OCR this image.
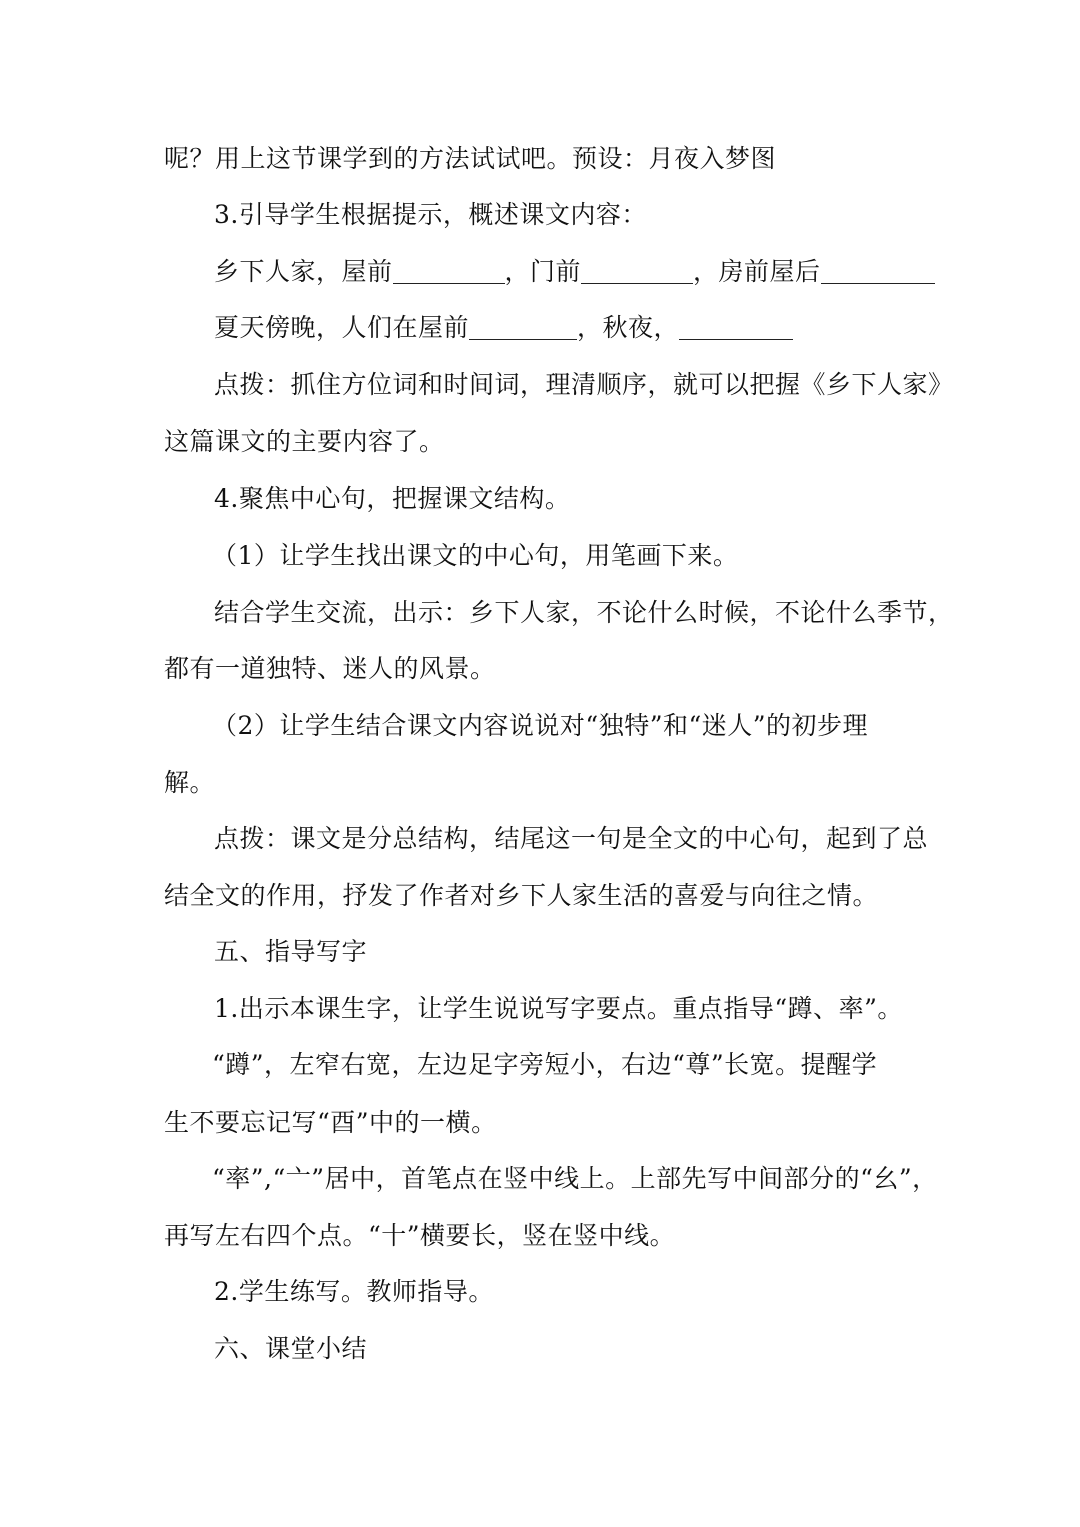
呢？用上这节课学到的方法试试吧。预设：月夜入梦图
3.引导学生根据提示，概述课文内容：
乡下人家，屋前	，门前	，房前屋后
夏天傍晚，人们在屋前	，秋夜，
点拨：抓住方位词和时间词，理清顺序，就可以把握《乡下人家》
这篇课文的主要内容了。
4.聚焦中心句，把握课文结构。
（1）让学生找出课文的中心句，用笔画下来。
结合学生交流，出示：乡下人家，不论什么时候，不论什么季节，
都有一道独特、迷人的风景。
（2）让学生结合课文内容说说对“独特”和“迷人”的初步理
解。
点拨：课文是分总结构，结尾这一句是全文的中心句，起到了总
结全文的作用，抒发了作者对乡下人家生活的喜爱与向往之情。
五、指导写字
1.出示本课生字，让学生说说写字要点。重点指导“蹲、率”。
“蹲”，左窄右宽，左边足字旁短小，右边“尊”长宽。提醒学
生不要忘记写“酉”中的一横。
“率”,“亠”居中，首笔点在竖中线上。上部先写中间部分的“幺”，
再写左右四个点。“十”横要长，竖在竖中线。
2.学生练写。教师指导。
六、课堂小结
